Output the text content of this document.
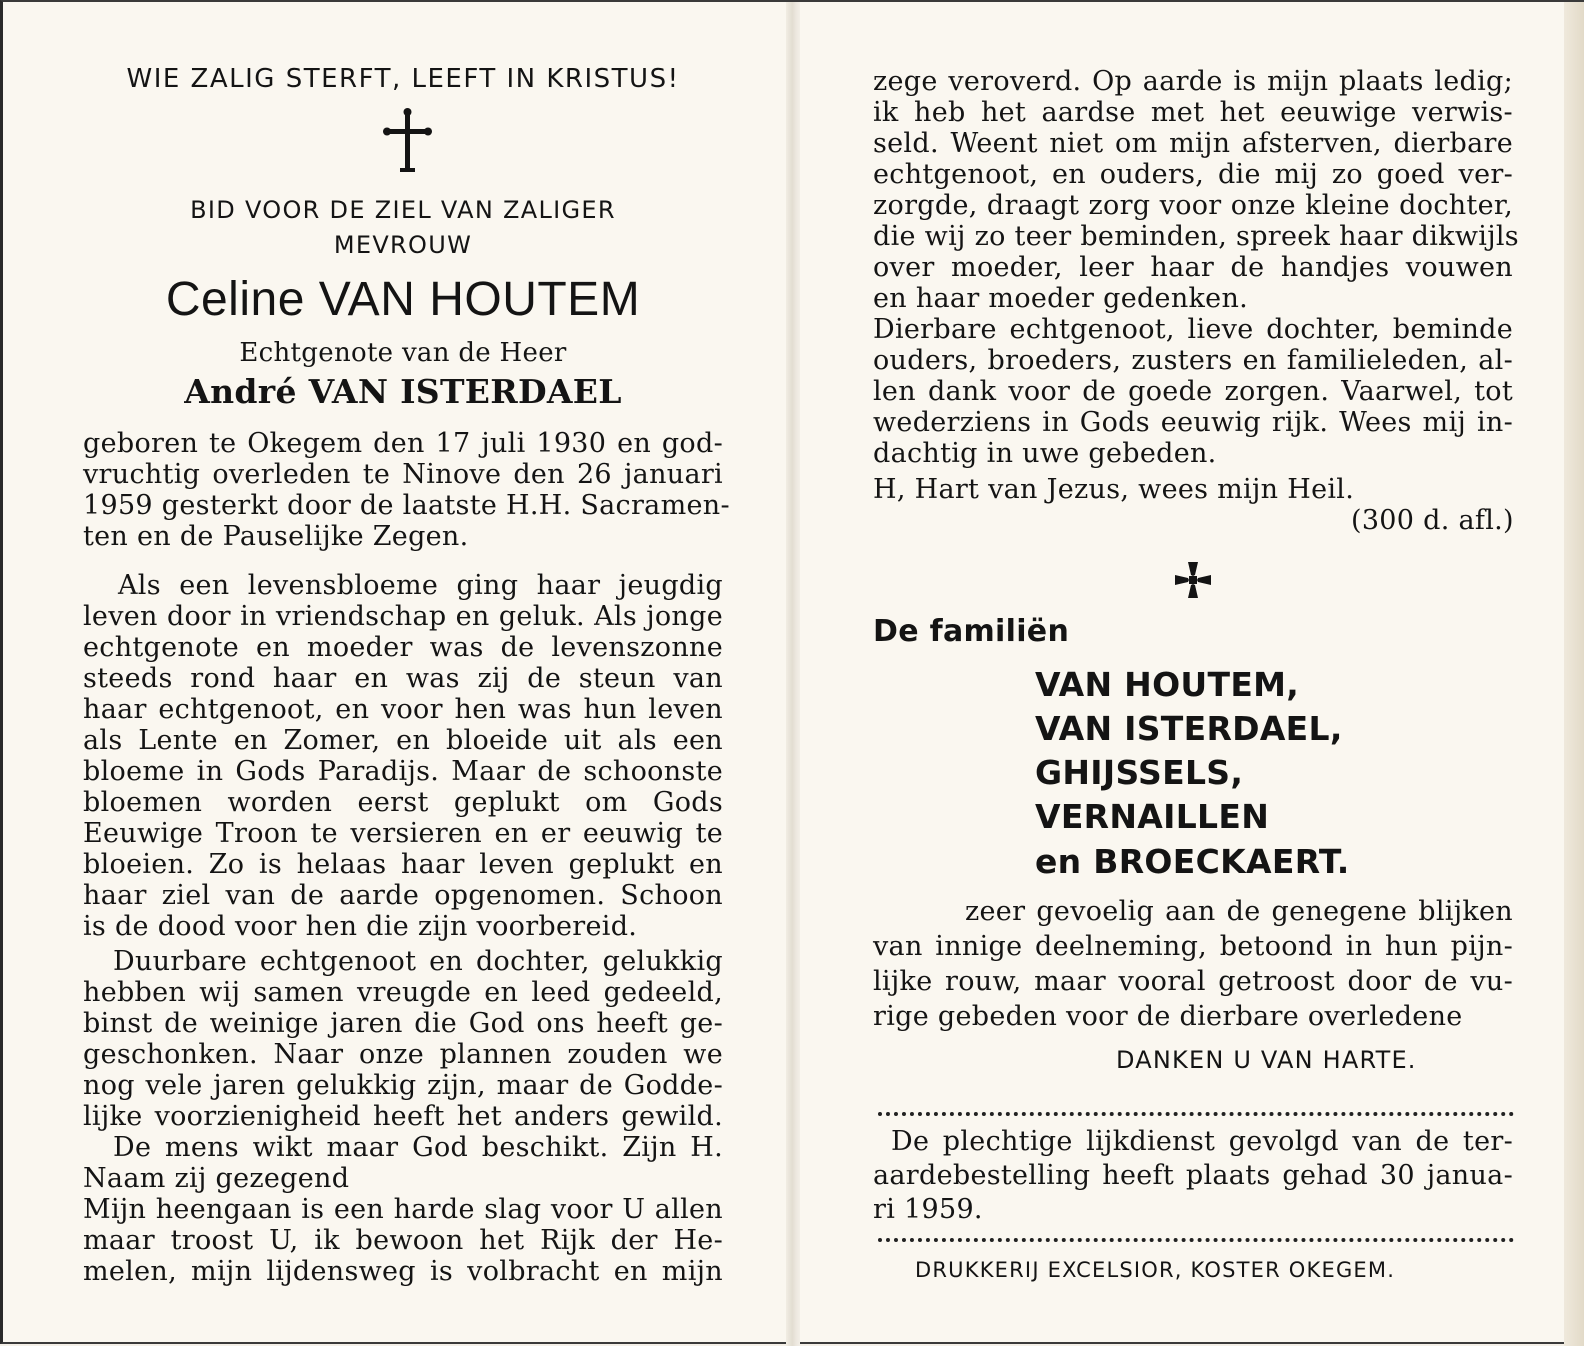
WIE ZALIG STERFT, LEEFT IN KRISTUS!
BID VOOR DE ZIEL VAN ZALIGER
MEVROUW
Celine VAN HOUTEM
Echtgenote van de Heer
André VAN ISTERDAEL
geboren te Okegem den 17 juli 1930 en god-
vruchtig overleden te Ninove den 26 januari
1959 gesterkt door de laatste H.H. Sacramen-
ten en de Pauselijke Zegen.
Als een levensbloeme ging haar jeugdig
leven door in vriendschap en geluk. Als jonge
echtgenote en moeder was de levenszonne
steeds rond haar en was zij de steun van
haar echtgenoot, en voor hen was hun leven
als Lente en Zomer, en bloeide uit als een
bloeme in Gods Paradijs. Maar de schoonste
bloemen worden eerst geplukt om Gods
Eeuwige Troon te versieren en er eeuwig te
bloeien. Zo is helaas haar leven geplukt en
haar ziel van de aarde opgenomen. Schoon
is de dood voor hen die zijn voorbereid.
Duurbare echtgenoot en dochter, gelukkig
hebben wij samen vreugde en leed gedeeld,
binst de weinige jaren die God ons heeft ge-
geschonken. Naar onze plannen zouden we
nog vele jaren gelukkig zijn, maar de Godde-
lijke voorzienigheid heeft het anders gewild.
De mens wikt maar God beschikt. Zijn H.
Naam zij gezegend
Mijn heengaan is een harde slag voor U allen
maar troost U, ik bewoon het Rijk der He-
melen, mijn lijdensweg is volbracht en mijn
zege veroverd. Op aarde is mijn plaats ledig;
ik heb het aardse met het eeuwige verwis-
seld. Weent niet om mijn afsterven, dierbare
echtgenoot, en ouders, die mij zo goed ver-
zorgde, draagt zorg voor onze kleine dochter,
die wij zo teer beminden, spreek haar dikwijls
over moeder, leer haar de handjes vouwen
en haar moeder gedenken.
Dierbare echtgenoot, lieve dochter, beminde
ouders, broeders, zusters en familieleden, al-
len dank voor de goede zorgen. Vaarwel, tot
wederziens in Gods eeuwig rijk. Wees mij in-
dachtig in uwe gebeden.
H, Hart van Jezus, wees mijn Heil.
(300 d. afl.)
De familiën
VAN HOUTEM,
VAN ISTERDAEL,
GHIJSSELS,
VERNAILLEN
en BROECKAERT.
zeer gevoelig aan de genegene blijken
van innige deelneming, betoond in hun pijn-
lijke rouw, maar vooral getroost door de vu-
rige gebeden voor de dierbare overledene
DANKEN U VAN HARTE.
De plechtige lijkdienst gevolgd van de ter-
aardebestelling heeft plaats gehad 30 janua-
ri 1959.
DRUKKERIJ EXCELSIOR, KOSTER OKEGEM.
